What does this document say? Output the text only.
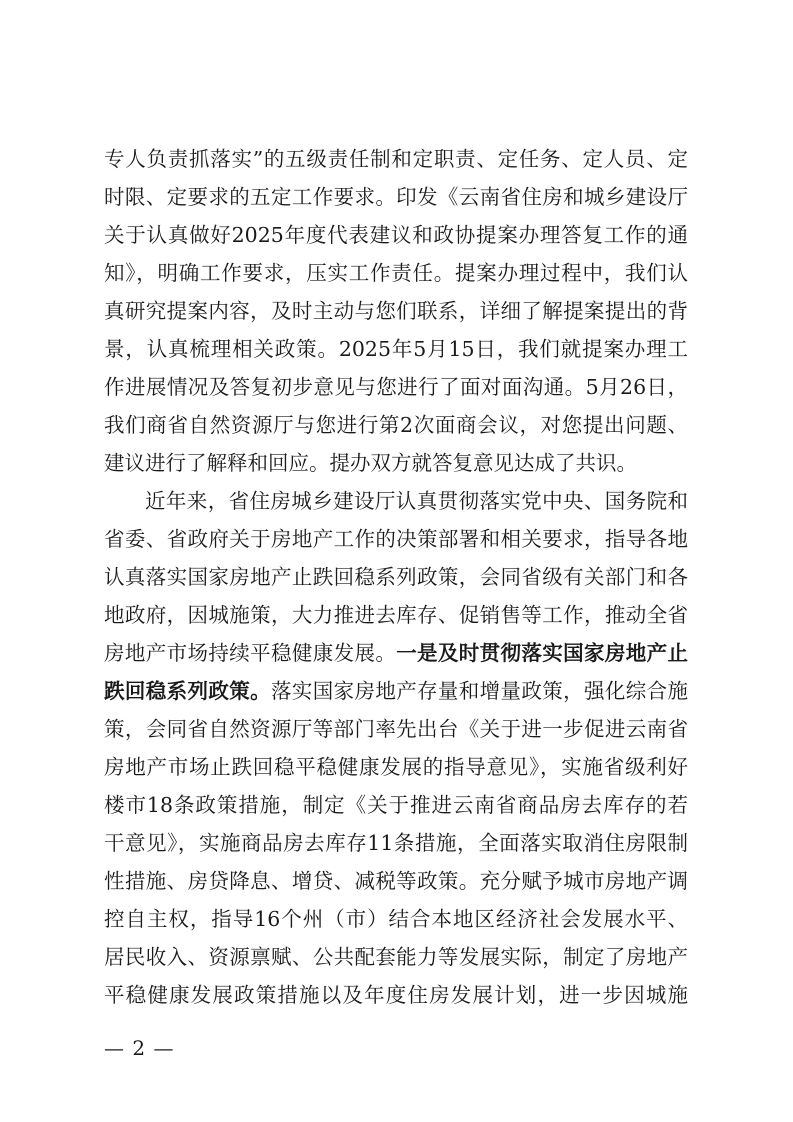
专人负责抓落实”的五级责任制和定职责、定任务、定人员、定
时限、定要求的五定工作要求。印发《云南省住房和城乡建设厅
关于认真做好2025年度代表建议和政协提案办理答复工作的通
知》，明确工作要求，压实工作责任。提案办理过程中，我们认
真研究提案内容，及时主动与您们联系，详细了解提案提出的背
景，认真梳理相关政策。2025年5月15日，我们就提案办理工
作进展情况及答复初步意见与您进行了面对面沟通。5月26日，
我们商省自然资源厅与您进行第2次面商会议，对您提出问题、
建议进行了解释和回应。提办双方就答复意见达成了共识。
近年来，省住房城乡建设厅认真贯彻落实党中央、国务院和
省委、省政府关于房地产工作的决策部署和相关要求，指导各地
认真落实国家房地产止跌回稳系列政策，会同省级有关部门和各
地政府，因城施策，大力推进去库存、促销售等工作，推动全省
房地产市场持续平稳健康发展。一是及时贯彻落实国家房地产止
跌回稳系列政策。落实国家房地产存量和增量政策，强化综合施
策，会同省自然资源厅等部门率先出台《关于进一步促进云南省
房地产市场止跌回稳平稳健康发展的指导意见》，实施省级利好
楼市18条政策措施，制定《关于推进云南省商品房去库存的若
干意见》，实施商品房去库存11条措施，全面落实取消住房限制
性措施、房贷降息、增贷、减税等政策。充分赋予城市房地产调
控自主权，指导16个州（市）结合本地区经济社会发展水平、
居民收入、资源禀赋、公共配套能力等发展实际，制定了房地产
平稳健康发展政策措施以及年度住房发展计划，进一步因城施
— 2 —
